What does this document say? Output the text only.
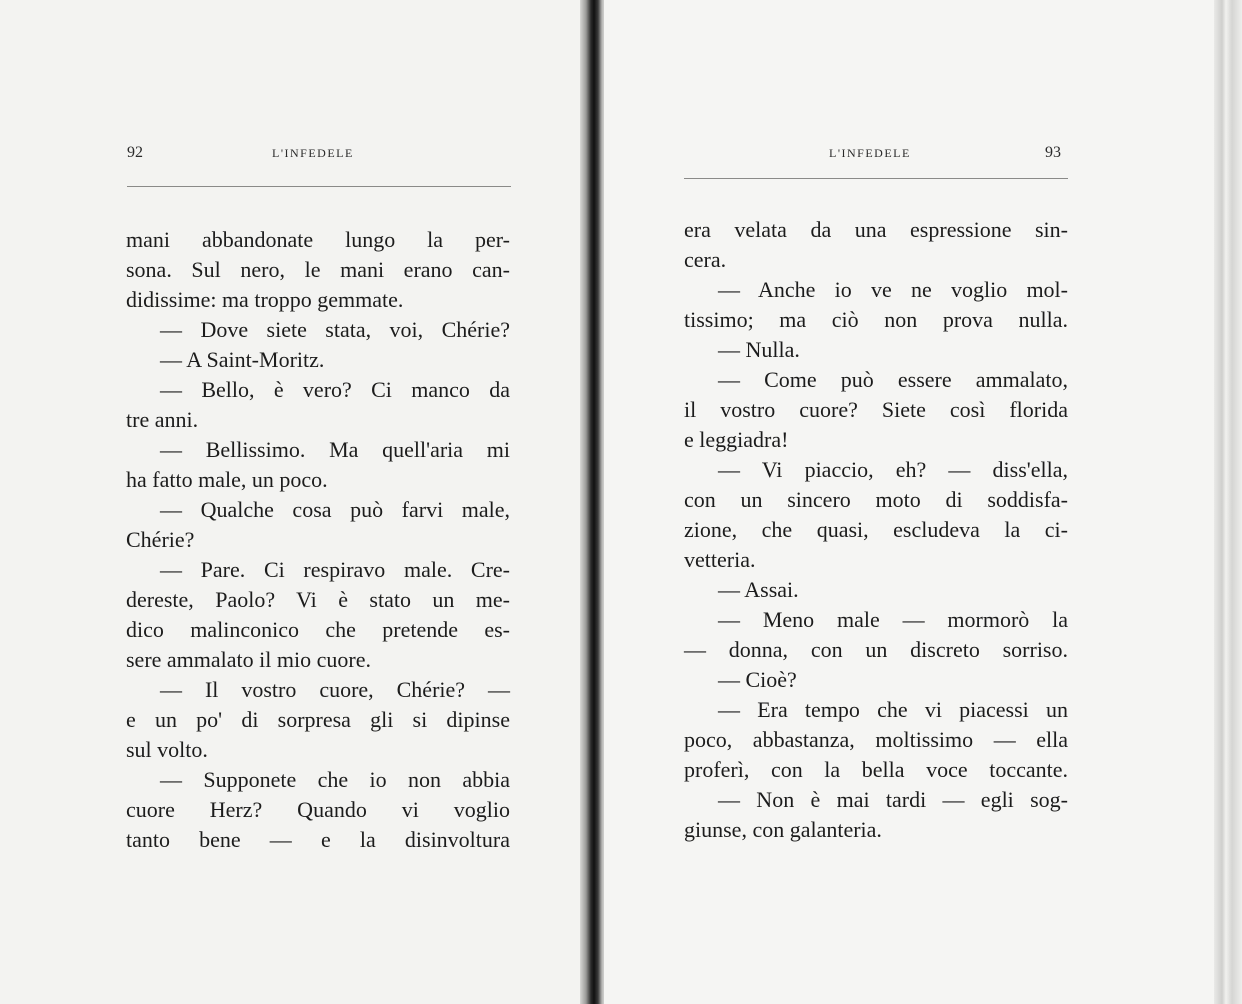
92	L'INFEDELE
mani abbandonate lungo la per-
sona. Sul nero, le mani erano can-
didissime: ma troppo gemmate.
— Dove siete stata, voi, Chérie?
— A Saint-Moritz.
— Bello, è vero? Ci manco da
tre anni.
— Bellissimo. Ma quell'aria mi
ha fatto male, un poco.
— Qualche cosa può farvi male,
Chérie?
— Pare. Ci respiravo male. Cre-
dereste, Paolo? Vi è stato un me-
dico malinconico che pretende es-
sere ammalato il mio cuore.
— Il vostro cuore, Chérie? —
e un po' di sorpresa gli si dipinse
sul volto.
— Supponete che io non abbia
cuore Herz? Quando vi voglio
tanto bene — e la disinvoltura
L'INFEDELE	93
era velata da una espressione sin-
cera.
— Anche io ve ne voglio mol-
tissimo; ma ciò non prova nulla.
— Nulla.
— Come può essere ammalato,
il vostro cuore? Siete così florida
e leggiadra!
— Vi piaccio, eh? — diss'ella,
con un sincero moto di soddisfa-
zione, che quasi, escludeva la ci-
vetteria.
— Assai.
— Meno male — mormorò la
— donna, con un discreto sorriso.
— Cioè?
— Era tempo che vi piacessi un
poco, abbastanza, moltissimo — ella
proferì, con la bella voce toccante.
— Non è mai tardi — egli sog-
giunse, con galanteria.
